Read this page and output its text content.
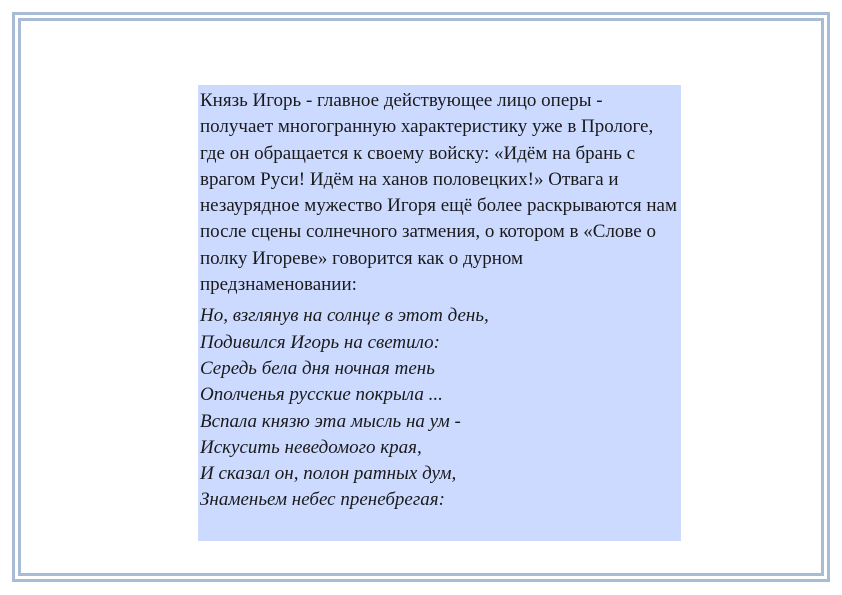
Князь Игорь - главное действующее лицо оперы - получает многогранную характеристику уже в Прологе, где он обращается к своему войску: «Идём на брань с врагом Руси! Идём на ханов половецких!» Отвага и незаурядное мужество Игоря ещё более раскрываются нам после сцены солнечного затмения, о котором в «Слове о полку Игореве» говорится как о дурном предзнаменовании:

Но, взглянув на солнце в этот день,
Подивился Игорь на светило:
Середь бела дня ночная тень
Ополченья русские покрыла ...
Вспала князю эта мысль на ум -
Искусить неведомого края,
И сказал он, полон ратных дум,
Знаменьем небес пренебрегая:
